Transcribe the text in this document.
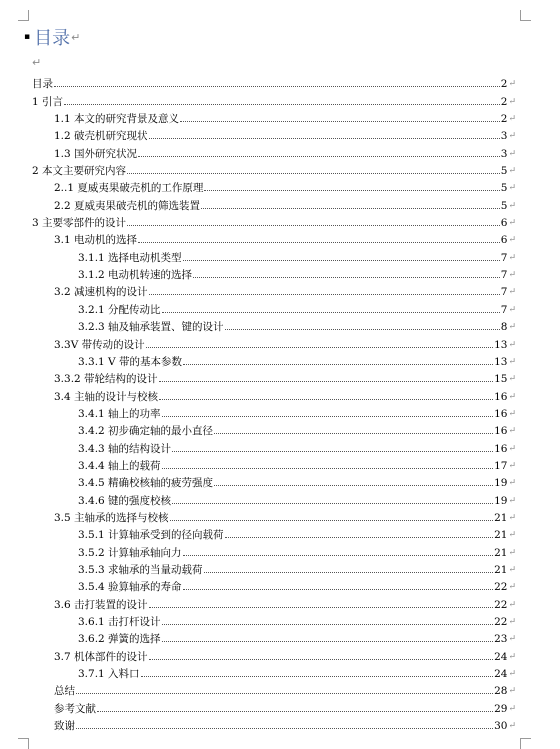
▪ 目录 ↵
↵
目录	2 ↵
1 引言	2 ↵
1.1 本文的研究背景及意义	2 ↵
1.2 破壳机研究现状	3 ↵
1.3 国外研究状况	3 ↵
2 本文主要研究内容	5 ↵
2..1 夏威夷果破壳机的工作原理	5 ↵
2.2 夏威夷果破壳机的筛选装置	5 ↵
3 主要零部件的设计	6 ↵
3.1 电动机的选择	6 ↵
3.1.1 选择电动机类型	7 ↵
3.1.2 电动机转速的选择	7 ↵
3.2 减速机构的设计	7 ↵
3.2.1 分配传动比	7 ↵
3.2.3 轴及轴承装置、键的设计	8 ↵
3.3V 带传动的设计	13 ↵
3.3.1 V 带的基本参数	13 ↵
3.3.2 带轮结构的设计	15 ↵
3.4 主轴的设计与校核	16 ↵
3.4.1 轴上的功率	16 ↵
3.4.2 初步确定轴的最小直径	16 ↵
3.4.3 轴的结构设计	16 ↵
3.4.4 轴上的载荷	17 ↵
3.4.5 精确校核轴的疲劳强度	19 ↵
3.4.6 键的强度校核	19 ↵
3.5 主轴承的选择与校核	21 ↵
3.5.1 计算轴承受到的径向载荷	21 ↵
3.5.2 计算轴承轴向力	21 ↵
3.5.3 求轴承的当量动载荷	21 ↵
3.5.4 验算轴承的寿命	22 ↵
3.6 击打装置的设计	22 ↵
3.6.1 击打杆设计	22 ↵
3.6.2 弹簧的选择	23 ↵
3.7 机体部件的设计	24 ↵
3.7.1 入料口	24 ↵
总结	28 ↵
参考文献	29 ↵
致谢	30 ↵
